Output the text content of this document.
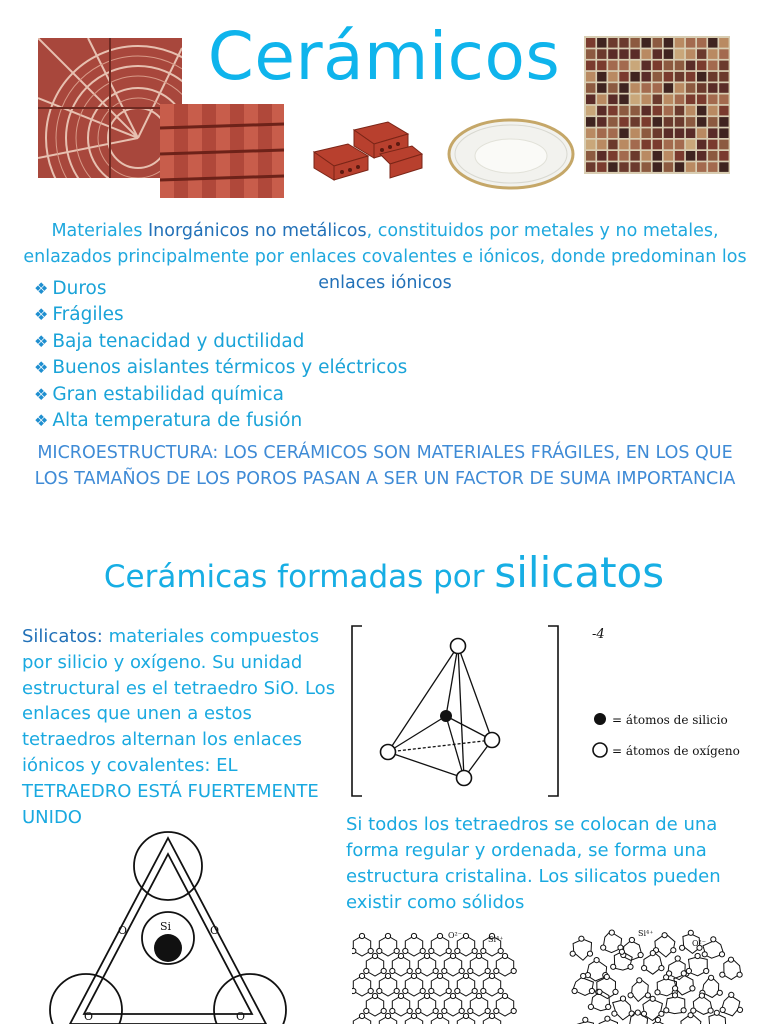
Cerámicos
Materiales Inorgánicos no metálicos, constituidos por metales y no metales, enlazados principalmente por enlaces covalentes e iónicos, donde predominan los enlaces iónicos
❖ Duros
❖ Frágiles
❖ Baja tenacidad y ductilidad
❖ Buenos aislantes térmicos y eléctricos
❖ Gran estabilidad química
❖ Alta temperatura de fusión
MICROESTRUCTURA: LOS CERÁMICOS SON MATERIALES FRÁGILES, EN LOS QUE LOS TAMAÑOS DE LOS POROS PASAN A SER UN FACTOR DE SUMA IMPORTANCIA
Cerámicas formadas por silicatos
Silicatos: materiales compuestos por silicio y oxígeno. Su unidad estructural es el tetraedro SiO. Los enlaces que unen a estos tetraedros alternan los enlaces iónicos y covalentes: EL TETRAEDRO ESTÁ FUERTEMENTE UNIDO
-4
= átomos de silicio
= átomos de oxígeno
Si	O
O
O	O
Si todos los tetraedros se colocan de una forma regular y ordenada, se forma una estructura cristalina. Los silicatos pueden existir como sólidos
O²⁻	Si⁴⁺
Si⁴⁺
O²⁻
